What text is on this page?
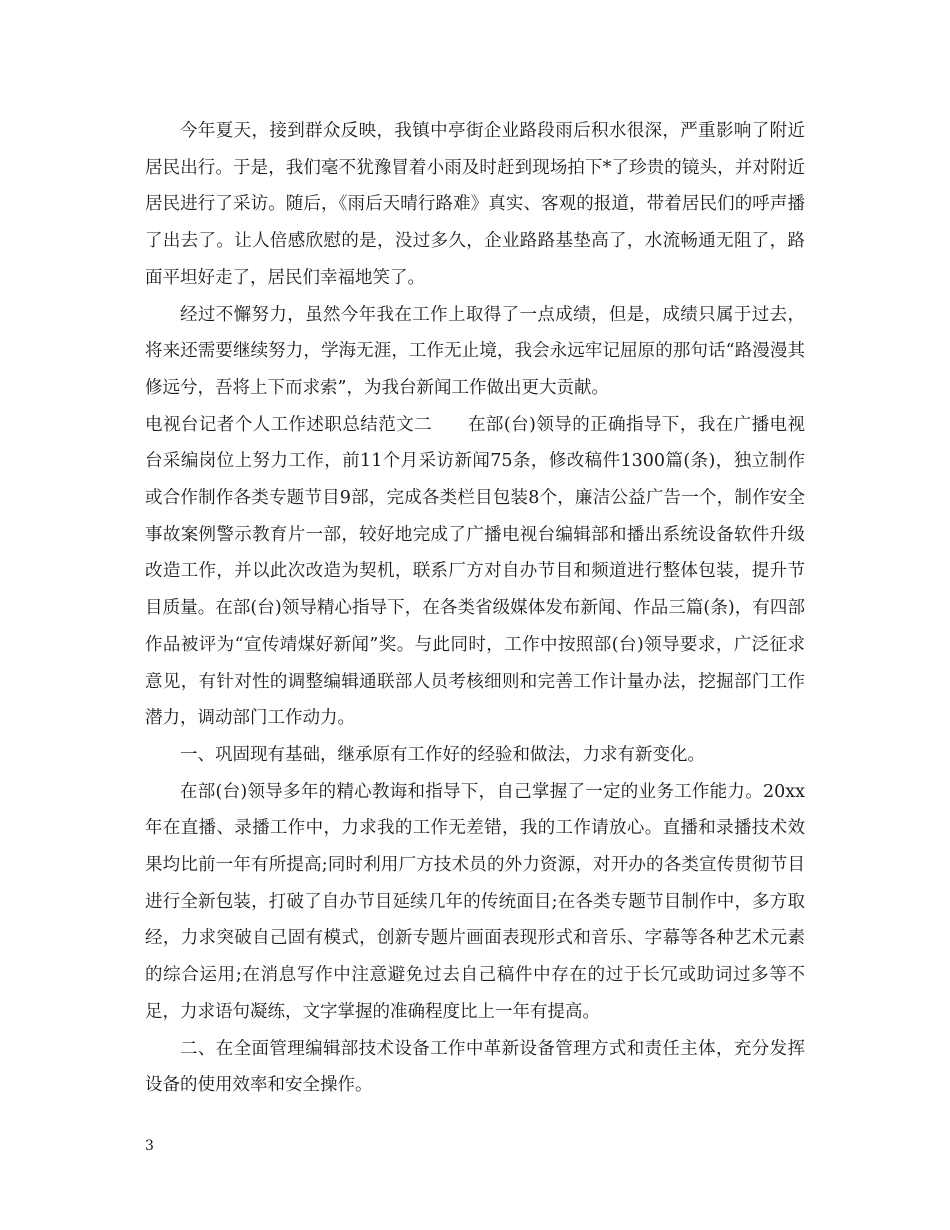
今年夏天，接到群众反映，我镇中亭街企业路段雨后积水很深，严重影响了附近居民出行。于是，我们毫不犹豫冒着小雨及时赶到现场拍下*了珍贵的镜头，并对附近居民进行了采访。随后，《雨后天晴行路难》真实、客观的报道，带着居民们的呼声播了出去了。让人倍感欣慰的是，没过多久，企业路路基垫高了，水流畅通无阻了，路面平坦好走了，居民们幸福地笑了。

经过不懈努力，虽然今年我在工作上取得了一点成绩，但是，成绩只属于过去，将来还需要继续努力，学海无涯，工作无止境，我会永远牢记屈原的那句话“路漫漫其修远兮，吾将上下而求索”，为我台新闻工作做出更大贡献。

电视台记者个人工作述职总结范文二　　在部(台)领导的正确指导下，我在广播电视台采编岗位上努力工作，前11个月采访新闻75条，修改稿件1300篇(条)，独立制作或合作制作各类专题节目9部，完成各类栏目包装8个，廉洁公益广告一个，制作安全事故案例警示教育片一部，较好地完成了广播电视台编辑部和播出系统设备软件升级改造工作，并以此次改造为契机，联系厂方对自办节目和频道进行整体包装，提升节目质量。在部(台)领导精心指导下，在各类省级媒体发布新闻、作品三篇(条)，有四部作品被评为“宣传靖煤好新闻”奖。与此同时，工作中按照部(台)领导要求，广泛征求意见，有针对性的调整编辑通联部人员考核细则和完善工作计量办法，挖掘部门工作潜力，调动部门工作动力。

一、巩固现有基础，继承原有工作好的经验和做法，力求有新变化。

在部(台)领导多年的精心教诲和指导下，自己掌握了一定的业务工作能力。20xx年在直播、录播工作中，力求我的工作无差错，我的工作请放心。直播和录播技术效果均比前一年有所提高;同时利用厂方技术员的外力资源，对开办的各类宣传贯彻节目进行全新包装，打破了自办节目延续几年的传统面目;在各类专题节目制作中，多方取经，力求突破自己固有模式，创新专题片画面表现形式和音乐、字幕等各种艺术元素的综合运用;在消息写作中注意避免过去自己稿件中存在的过于长冗或助词过多等不足，力求语句凝练，文字掌握的准确程度比上一年有提高。

二、在全面管理编辑部技术设备工作中革新设备管理方式和责任主体，充分发挥设备的使用效率和安全操作。

3
